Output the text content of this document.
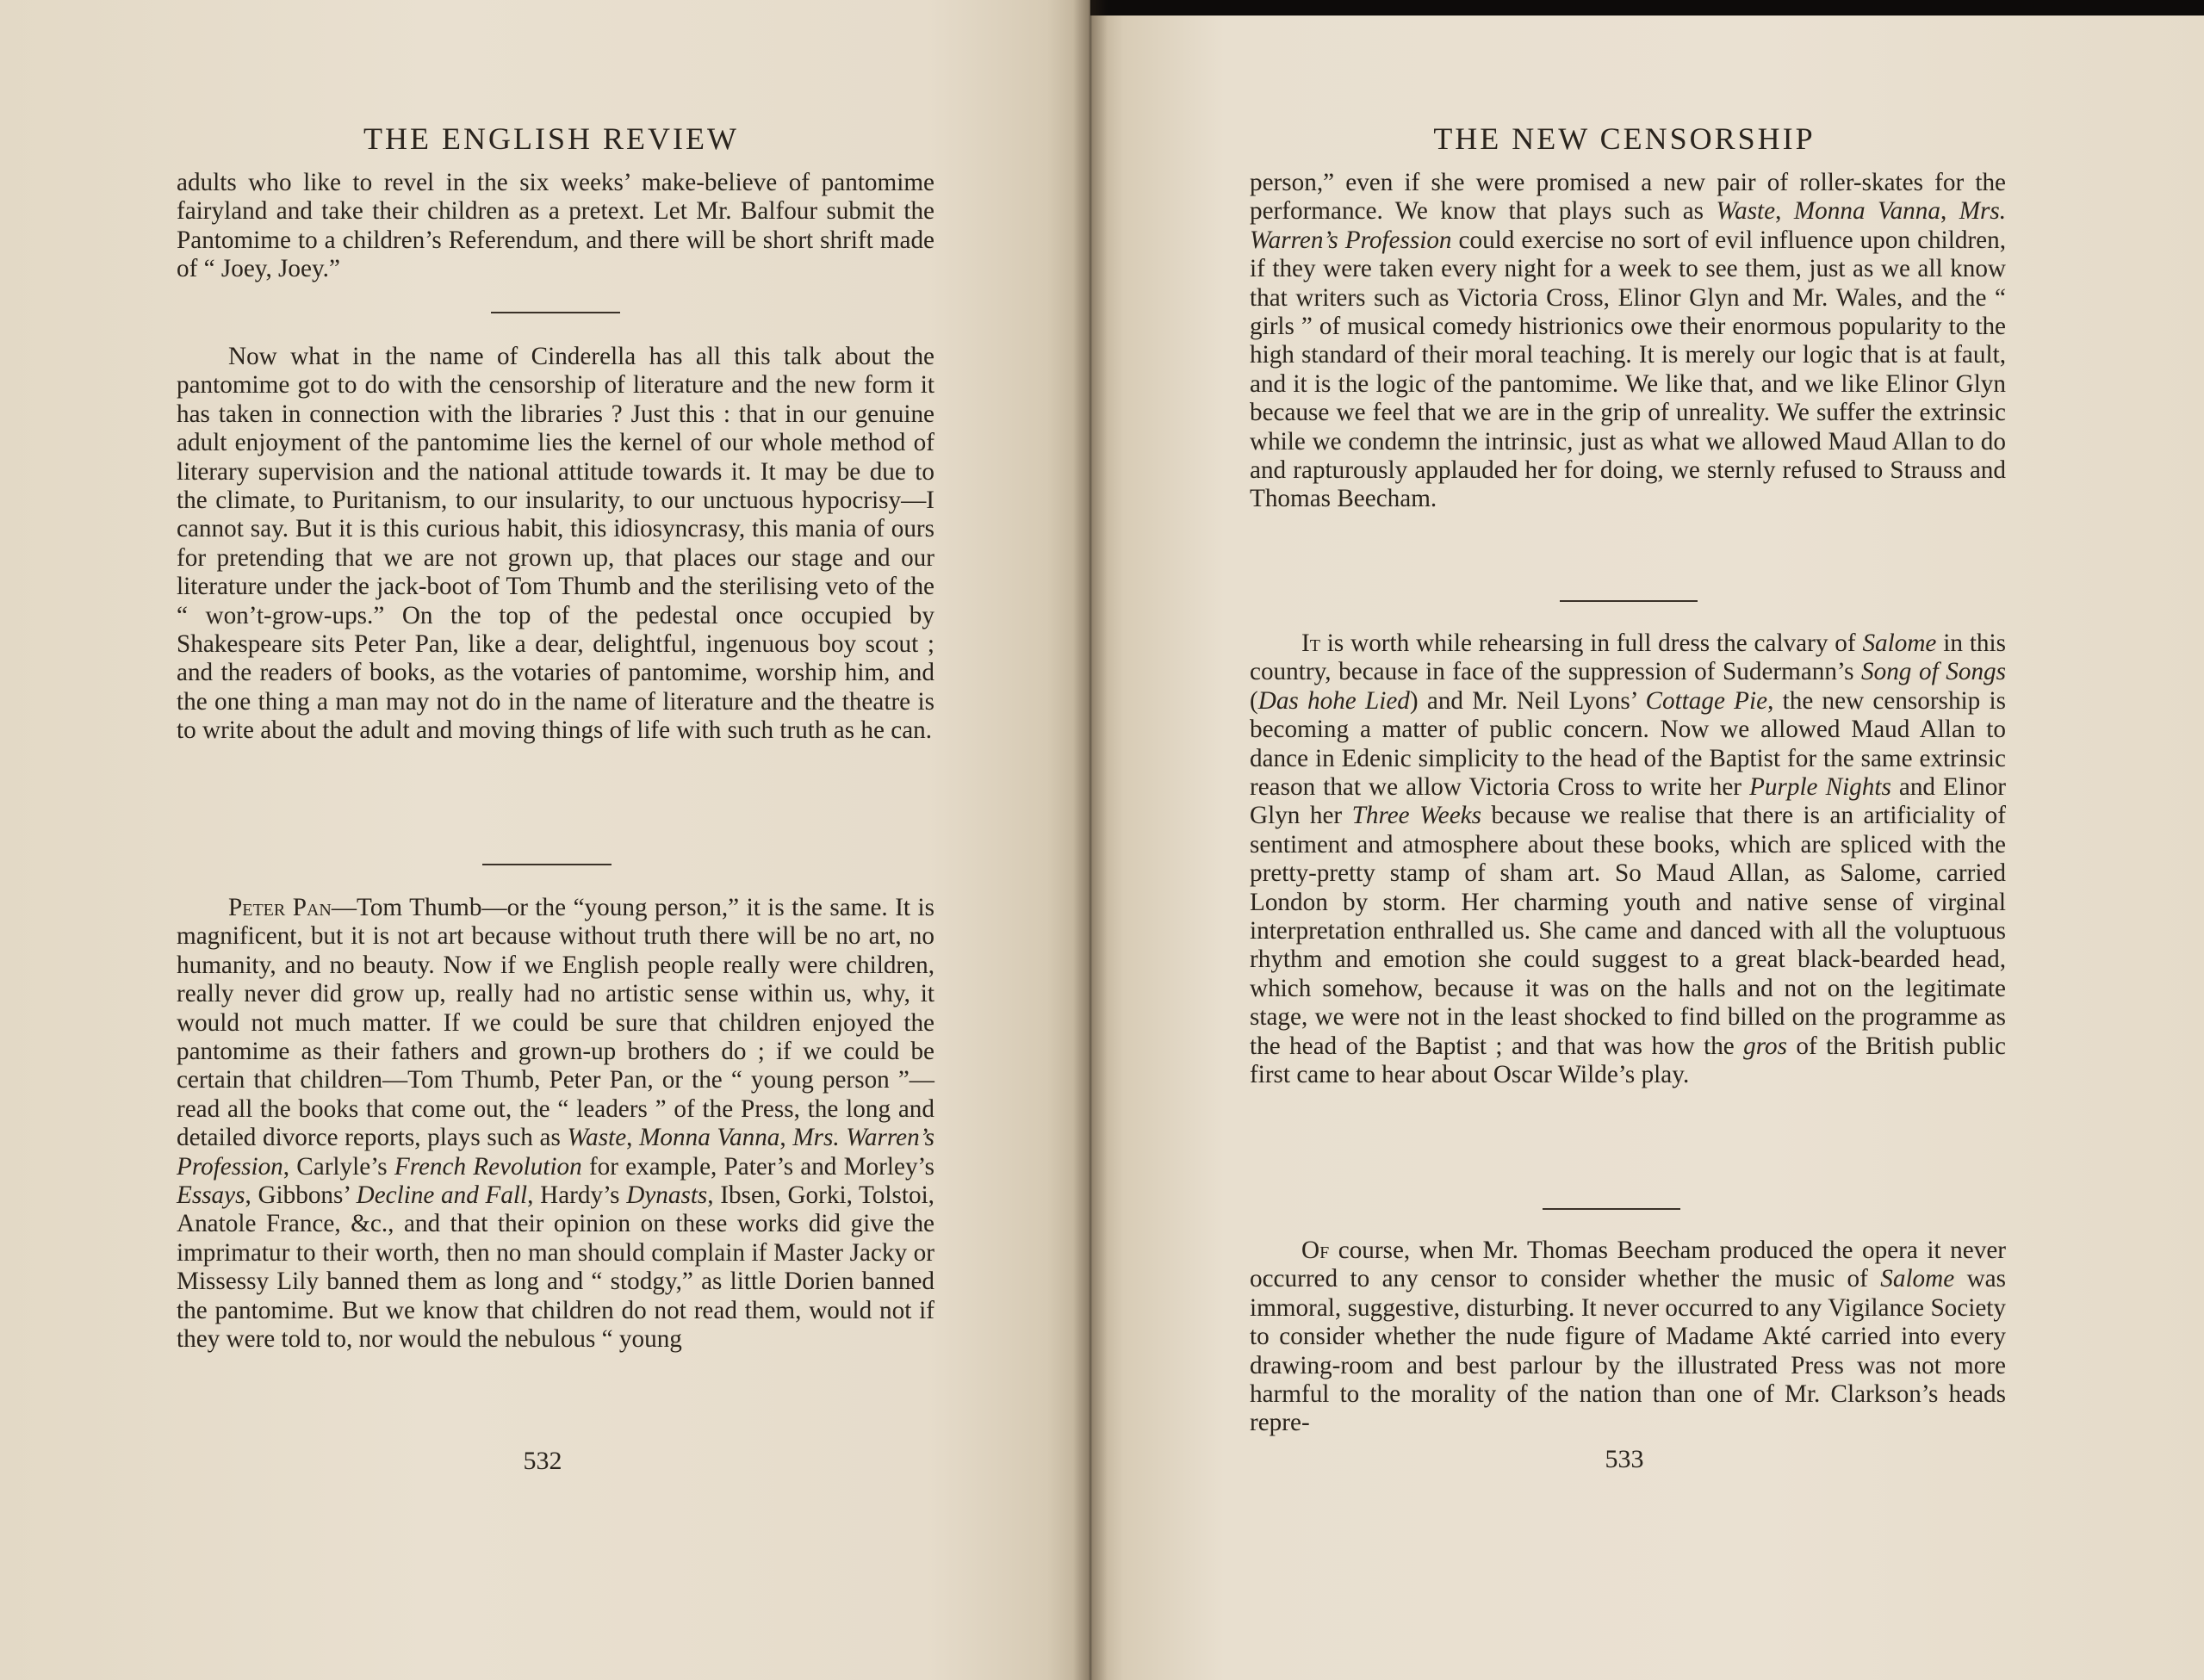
THE ENGLISH REVIEW

adults who like to revel in the six weeks’ make-believe of pantomime fairyland and take their children as a pretext. Let Mr. Balfour submit the Pantomime to a children’s Referendum, and there will be short shrift made of “ Joey, Joey.”

Now what in the name of Cinderella has all this talk about the pantomime got to do with the censorship of literature and the new form it has taken in connection with the libraries ? Just this : that in our genuine adult enjoyment of the pantomime lies the kernel of our whole method of literary supervision and the national attitude towards it. It may be due to the climate, to Puritanism, to our insularity, to our unctuous hypocrisy—I cannot say. But it is this curious habit, this idiosyncrasy, this mania of ours for pretending that we are not grown up, that places our stage and our literature under the jack-boot of Tom Thumb and the sterilising veto of the “ won’t-grow-ups.” On the top of the pedestal once occupied by Shakespeare sits Peter Pan, like a dear, delightful, ingenuous boy scout ; and the readers of books, as the votaries of pantomime, worship him, and the one thing a man may not do in the name of literature and the theatre is to write about the adult and moving things of life with such truth as he can.

Peter Pan—Tom Thumb—or the “young person,” it is the same. It is magnificent, but it is not art because without truth there will be no art, no humanity, and no beauty. Now if we English people really were children, really never did grow up, really had no artistic sense within us, why, it would not much matter. If we could be sure that children enjoyed the pantomime as their fathers and grown-up brothers do ; if we could be certain that children—Tom Thumb, Peter Pan, or the “ young person ”—read all the books that come out, the “ leaders ” of the Press, the long and detailed divorce reports, plays such as Waste, Monna Vanna, Mrs. Warren’s Profession, Carlyle’s French Revolution for example, Pater’s and Morley’s Essays, Gibbons’ Decline and Fall, Hardy’s Dynasts, Ibsen, Gorki, Tolstoi, Anatole France, &c., and that their opinion on these works did give the imprimatur to their worth, then no man should complain if Master Jacky or Missessy Lily banned them as long and “ stodgy,” as little Dorien banned the pantomime. But we know that children do not read them, would not if they were told to, nor would the nebulous “ young

532
THE NEW CENSORSHIP

person,” even if she were promised a new pair of roller-skates for the performance. We know that plays such as Waste, Monna Vanna, Mrs. Warren’s Profession could exercise no sort of evil influence upon children, if they were taken every night for a week to see them, just as we all know that writers such as Victoria Cross, Elinor Glyn and Mr. Wales, and the “ girls ” of musical comedy histrionics owe their enormous popularity to the high standard of their moral teaching. It is merely our logic that is at fault, and it is the logic of the pantomime. We like that, and we like Elinor Glyn because we feel that we are in the grip of unreality. We suffer the extrinsic while we condemn the intrinsic, just as what we allowed Maud Allan to do and rapturously applauded her for doing, we sternly refused to Strauss and Thomas Beecham.

It is worth while rehearsing in full dress the calvary of Salome in this country, because in face of the suppression of Sudermann’s Song of Songs (Das hohe Lied) and Mr. Neil Lyons’ Cottage Pie, the new censorship is becoming a matter of public concern. Now we allowed Maud Allan to dance in Edenic simplicity to the head of the Baptist for the same extrinsic reason that we allow Victoria Cross to write her Purple Nights and Elinor Glyn her Three Weeks because we realise that there is an artificiality of sentiment and atmosphere about these books, which are spliced with the pretty-pretty stamp of sham art. So Maud Allan, as Salome, carried London by storm. Her charming youth and native sense of virginal interpretation enthralled us. She came and danced with all the voluptuous rhythm and emotion she could suggest to a great black-bearded head, which somehow, because it was on the halls and not on the legitimate stage, we were not in the least shocked to find billed on the programme as the head of the Baptist ; and that was how the gros of the British public first came to hear about Oscar Wilde’s play.

Of course, when Mr. Thomas Beecham produced the opera it never occurred to any censor to consider whether the music of Salome was immoral, suggestive, disturbing. It never occurred to any Vigilance Society to consider whether the nude figure of Madame Akté carried into every drawing-room and best parlour by the illustrated Press was not more harmful to the morality of the nation than one of Mr. Clarkson’s heads repre-

533
